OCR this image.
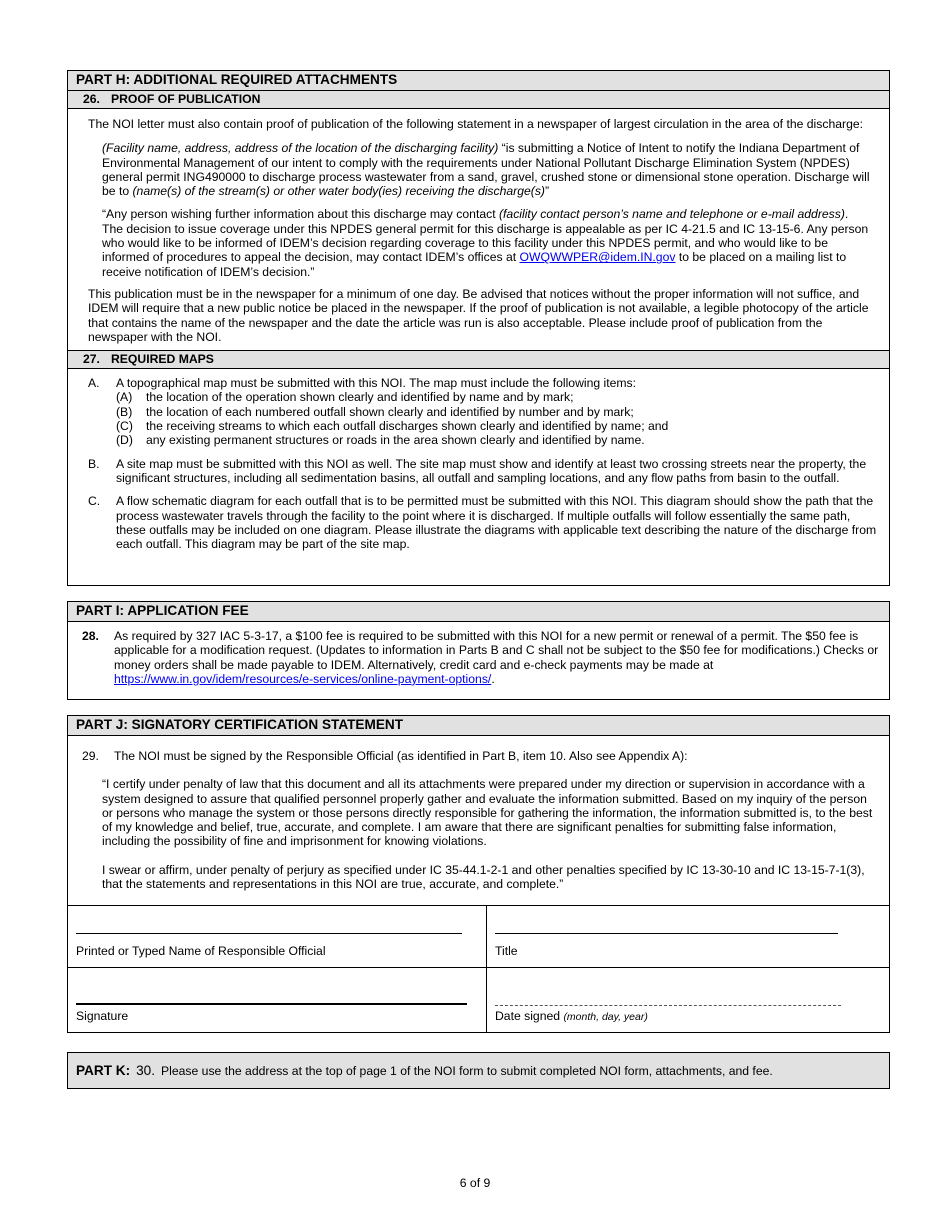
PART H: ADDITIONAL REQUIRED ATTACHMENTS
26. PROOF OF PUBLICATION

The NOI letter must also contain proof of publication of the following statement in a newspaper of largest circulation in the area of the discharge:

(Facility name, address, address of the location of the discharging facility) “is submitting a Notice of Intent to notify the Indiana Department of Environmental Management of our intent to comply with the requirements under National Pollutant Discharge Elimination System (NPDES) general permit ING490000 to discharge process wastewater from a sand, gravel, crushed stone or dimensional stone operation. Discharge will be to (name(s) of the stream(s) or other water body(ies) receiving the discharge(s)”

“Any person wishing further information about this discharge may contact (facility contact person’s name and telephone or e-mail address). The decision to issue coverage under this NPDES general permit for this discharge is appealable as per IC 4-21.5 and IC 13-15-6. Any person who would like to be informed of IDEM’s decision regarding coverage to this facility under this NPDES permit, and who would like to be informed of procedures to appeal the decision, may contact IDEM’s offices at OWQWWPER@idem.IN.gov to be placed on a mailing list to receive notification of IDEM’s decision.”

This publication must be in the newspaper for a minimum of one day. Be advised that notices without the proper information will not suffice, and IDEM will require that a new public notice be placed in the newspaper. If the proof of publication is not available, a legible photocopy of the article that contains the name of the newspaper and the date the article was run is also acceptable. Please include proof of publication from the newspaper with the NOI.

27. REQUIRED MAPS
A. A topographical map must be submitted with this NOI. The map must include the following items:

(A) the location of the operation shown clearly and identified by name and by mark;
(B) the location of each numbered outfall shown clearly and identified by number and by mark;
(C) the receiving streams to which each outfall discharges shown clearly and identified by name; and
(D) any existing permanent structures or roads in the area shown clearly and identified by name.
B. A site map must be submitted with this NOI as well. The site map must show and identify at least two crossing streets near the property, the significant structures, including all sedimentation basins, all outfall and sampling locations, and any flow paths from basin to the outfall.

C. A flow schematic diagram for each outfall that is to be permitted must be submitted with this NOI. This diagram should show the path that the process wastewater travels through the facility to the point where it is discharged. If multiple outfalls will follow essentially the same path, these outfalls may be included on one diagram. Please illustrate the diagrams with applicable text describing the nature of the discharge from each outfall. This diagram may be part of the site map.

PART I: APPLICATION FEE
28. As required by 327 IAC 5-3-17, a $100 fee is required to be submitted with this NOI for a new permit or renewal of a permit. The $50 fee is applicable for a modification request. (Updates to information in Parts B and C shall not be subject to the $50 fee for modifications.) Checks or money orders shall be made payable to IDEM. Alternatively, credit card and e-check payments may be made at https://www.in.gov/idem/resources/e-services/online-payment-options/.

PART J: SIGNATORY CERTIFICATION STATEMENT

29. The NOI must be signed by the Responsible Official (as identified in Part B, item 10. Also see Appendix A):

“I certify under penalty of law that this document and all its attachments were prepared under my direction or supervision in accordance with a system designed to assure that qualified personnel properly gather and evaluate the information submitted. Based on my inquiry of the person or persons who manage the system or those persons directly responsible for gathering the information, the information submitted is, to the best of my knowledge and belief, true, accurate, and complete. I am aware that there are significant penalties for submitting false information, including the possibility of fine and imprisonment for knowing violations.

I swear or affirm, under penalty of perjury as specified under IC 35-44.1-2-1 and other penalties specified by IC 13-30-10 and IC 13-15-7-1(3), that the statements and representations in this NOI are true, accurate, and complete.”

Printed or Typed Name of Responsible Official	Title
Signature	Date signed (month, day, year)
PART K: 30. Please use the address at the top of page 1 of the NOI form to submit completed NOI form, attachments, and fee.
6 of 9
